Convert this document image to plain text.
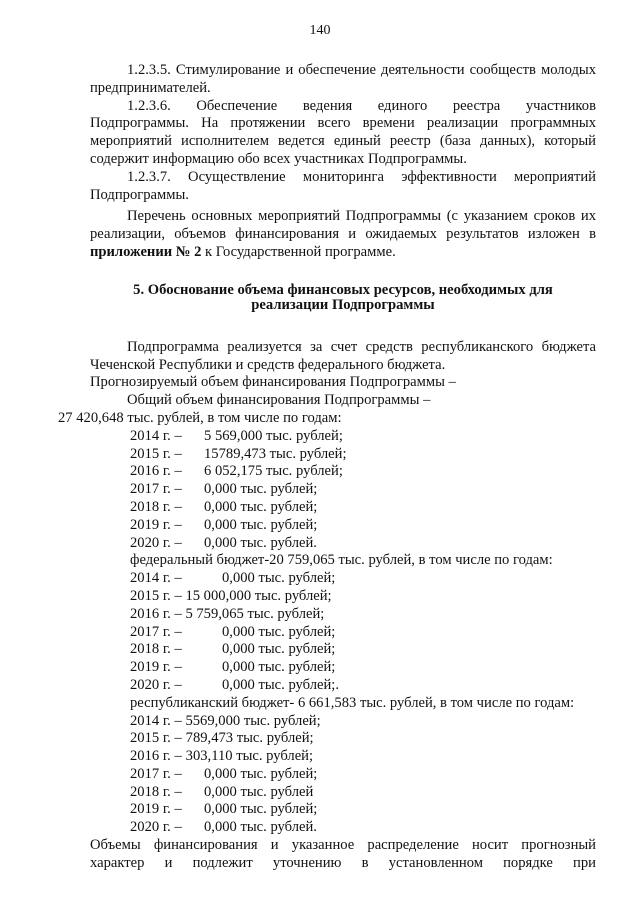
140
1.2.3.5. Стимулирование и обеспечение деятельности сообществ молодых предпринимателей.
1.2.3.6. Обеспечение ведения единого реестра участников
Подпрограммы. На протяжении всего времени реализации программных мероприятий исполнителем ведется единый реестр (база данных), который содержит информацию обо всех участниках Подпрограммы.
1.2.3.7. Осуществление мониторинга эффективности мероприятий Подпрограммы.
Перечень основных мероприятий Подпрограммы (с указанием сроков их реализации, объемов финансирования и ожидаемых результатов изложен в приложении № 2 к Государственной программе.
5. Обоснование объема финансовых ресурсов, необходимых для реализации Подпрограммы
Подпрограмма реализуется за счет средств республиканского бюджета Чеченской Республики и средств федерального бюджета.
Прогнозируемый объем финансирования Подпрограммы –
Общий объем финансирования Подпрограммы –
27 420,648 тыс. рублей, в том числе по годам:
2014 г. – 5 569,000 тыс. рублей;
2015 г. – 15789,473 тыс. рублей;
2016 г. – 6 052,175 тыс. рублей;
2017 г. – 0,000 тыс. рублей;
2018 г. – 0,000 тыс. рублей;
2019 г. – 0,000 тыс. рублей;
2020 г. – 0,000 тыс. рублей.
федеральный бюджет-20 759,065 тыс. рублей, в том числе по годам:
2014 г. –	0,000 тыс. рублей;
2015 г. – 15 000,000 тыс. рублей;
2016 г. – 5 759,065 тыс. рублей;
2017 г. –	0,000 тыс. рублей;
2018 г. –	0,000 тыс. рублей;
2019 г. –	0,000 тыс. рублей;
2020 г. –	0,000 тыс. рублей;.
республиканский бюджет- 6 661,583 тыс. рублей, в том числе по годам:
2014 г. – 5569,000 тыс. рублей;
2015 г. – 789,473 тыс. рублей;
2016 г. – 303,110 тыс. рублей;
2017 г. – 0,000 тыс. рублей;
2018 г. – 0,000 тыс. рублей
2019 г. – 0,000 тыс. рублей;
2020 г. – 0,000 тыс. рублей.
Объемы финансирования и указанное распределение носит прогнозный
характер и подлежит уточнению в установленном порядке при
